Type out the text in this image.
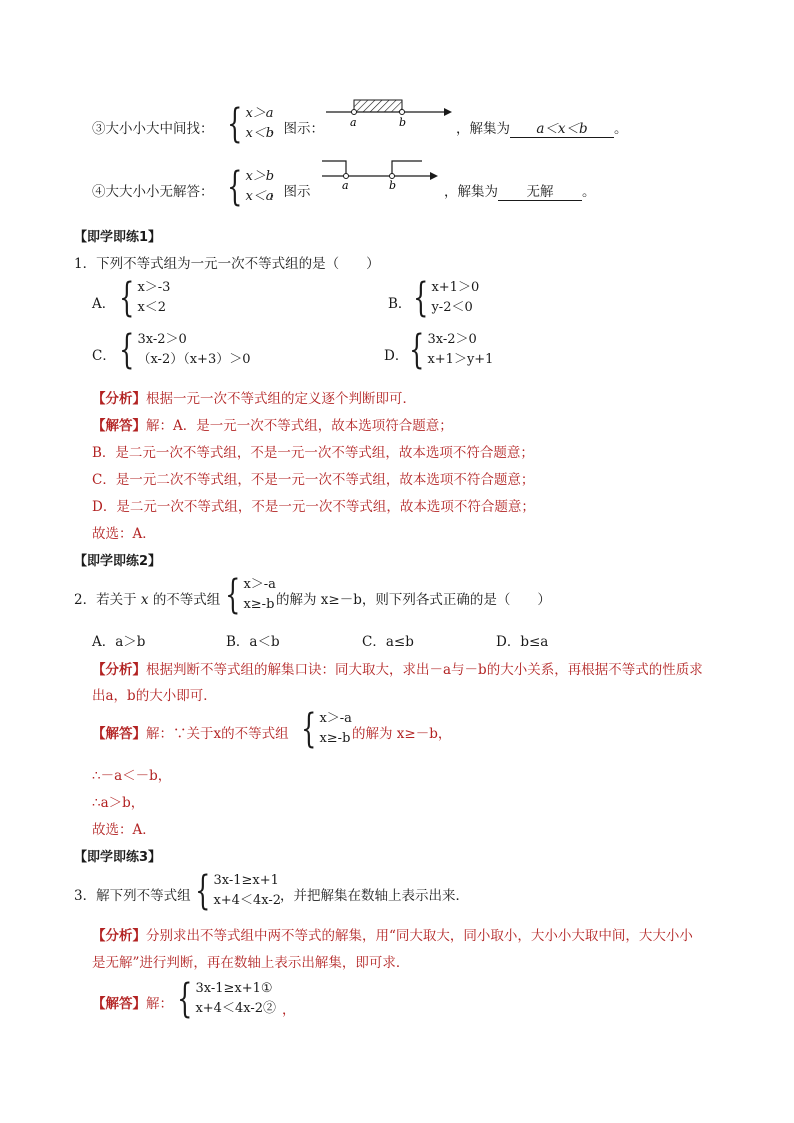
③大小小大中间找： { x＞a
x＜b
，图示： a	b	，解集为 a＜x＜b 。
④大大小小无解答： { x＞b
x＜a
，图示	a	b	，解集为 无解 。
【即学即练1】
1．下列不等式组为一元一次不等式组的是（　　）
A． { x＞-3
x＜2	B． { x+1＞0
y-2＜0
C． { 3x-2＞0
（x-2）（x+3）＞0	D． { 3x-2＞0
x+1＞y+1
【分析】根据一元一次不等式组的定义逐个判断即可．
【解答】解：A．是一元一次不等式组，故本选项符合题意；
B．是二元一次不等式组，不是一元一次不等式组，故本选项不符合题意；
C．是一元二次不等式组，不是一元一次不等式组，故本选项不符合题意；
D．是二元一次不等式组，不是一元一次不等式组，故本选项不符合题意；
故选：A．
【即学即练2】
2．若关于 x 的不等式组 { x＞-a
x≥-b 的解为 x≥－b，则下列各式正确的是（　　）
A．a＞b	B．a＜b	C．a≤b	D．b≤a
【分析】根据判断不等式组的解集口诀：同大取大，求出－a与－b的大小关系，再根据不等式的性质求
出a，b的大小即可．
【解答】解：∵关于x的不等式组 { x＞-a
x≥-b 的解为 x≥－b，
∴－a＜－b，
∴a＞b，
故选：A．
【即学即练3】
3．解下列不等式组 { 3x-1≥x+1
x+4＜4x-2 ，并把解集在数轴上表示出来．
【分析】分别求出不等式组中两不等式的解集，用“同大取大，同小取小，大小小大取中间，大大小小
是无解”进行判断，再在数轴上表示出解集，即可求．
【解答】解： { 3x-1≥x+1①
x+4＜4x-2② ，
